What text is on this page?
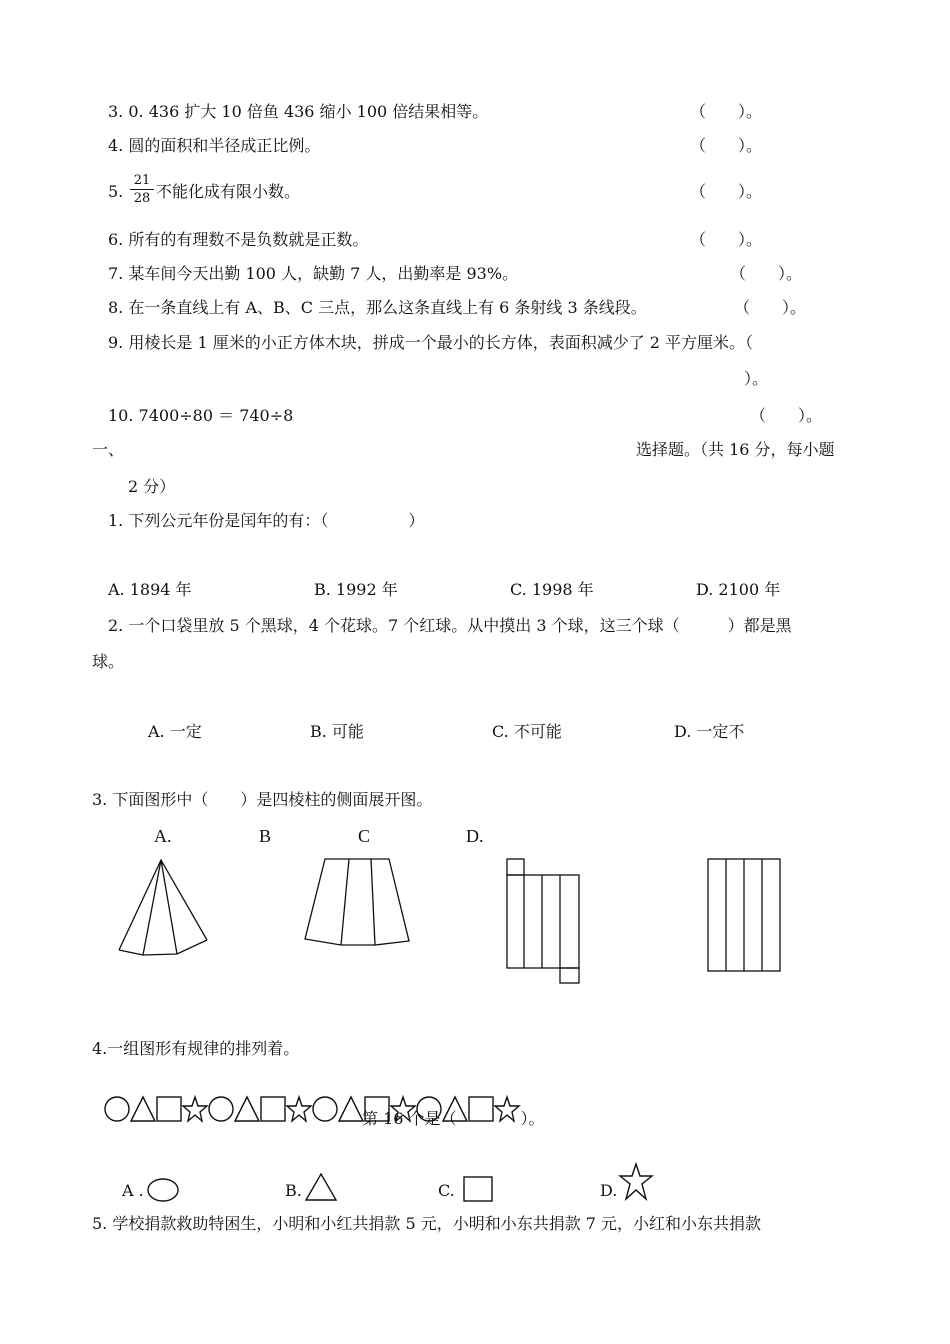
3. 0. 436 扩大 10 倍鱼 436 缩小 100 倍结果相等。	（　　）。
4. 圆的面积和半径成正比例。	（　　）。
5.
21
28 不能化成有限小数。	（　　）。
6. 所有的有理数不是负数就是正数。	（　　）。
7. 某车间今天出勤 100 人，缺勤 7 人，出勤率是 93%。	（　　）。
8. 在一条直线上有 A、B、C 三点，那么这条直线上有 6 条射线 3 条线段。	（　　）。
9. 用棱长是 1 厘米的小正方体木块，拼成一个最小的长方体，表面积减少了 2 平方厘米。（
）。
10. 7400÷80 ＝ 740÷8	（　　）。
一、	选择题。（共 16 分，每小题
2 分）
1. 下列公元年份是闰年的有：（　　　　　）
A. 1894 年	B. 1992 年	C. 1998 年	D. 2100 年
2. 一个口袋里放 5 个黑球，4 个花球。7 个红球。从中摸出 3 个球，这三个球（　　　）都是黑
球。
A. 一定	B. 可能	C. 不可能	D. 一定不
3. 下面图形中（　　）是四棱柱的侧面展开图。
A.	B	C	D.
4.一组图形有规律的排列着。
第 16 个是（　　　　）。
A .	B.	C.	D.
5. 学校捐款救助特困生，小明和小红共捐款 5 元，小明和小东共捐款 7 元，小红和小东共捐款
